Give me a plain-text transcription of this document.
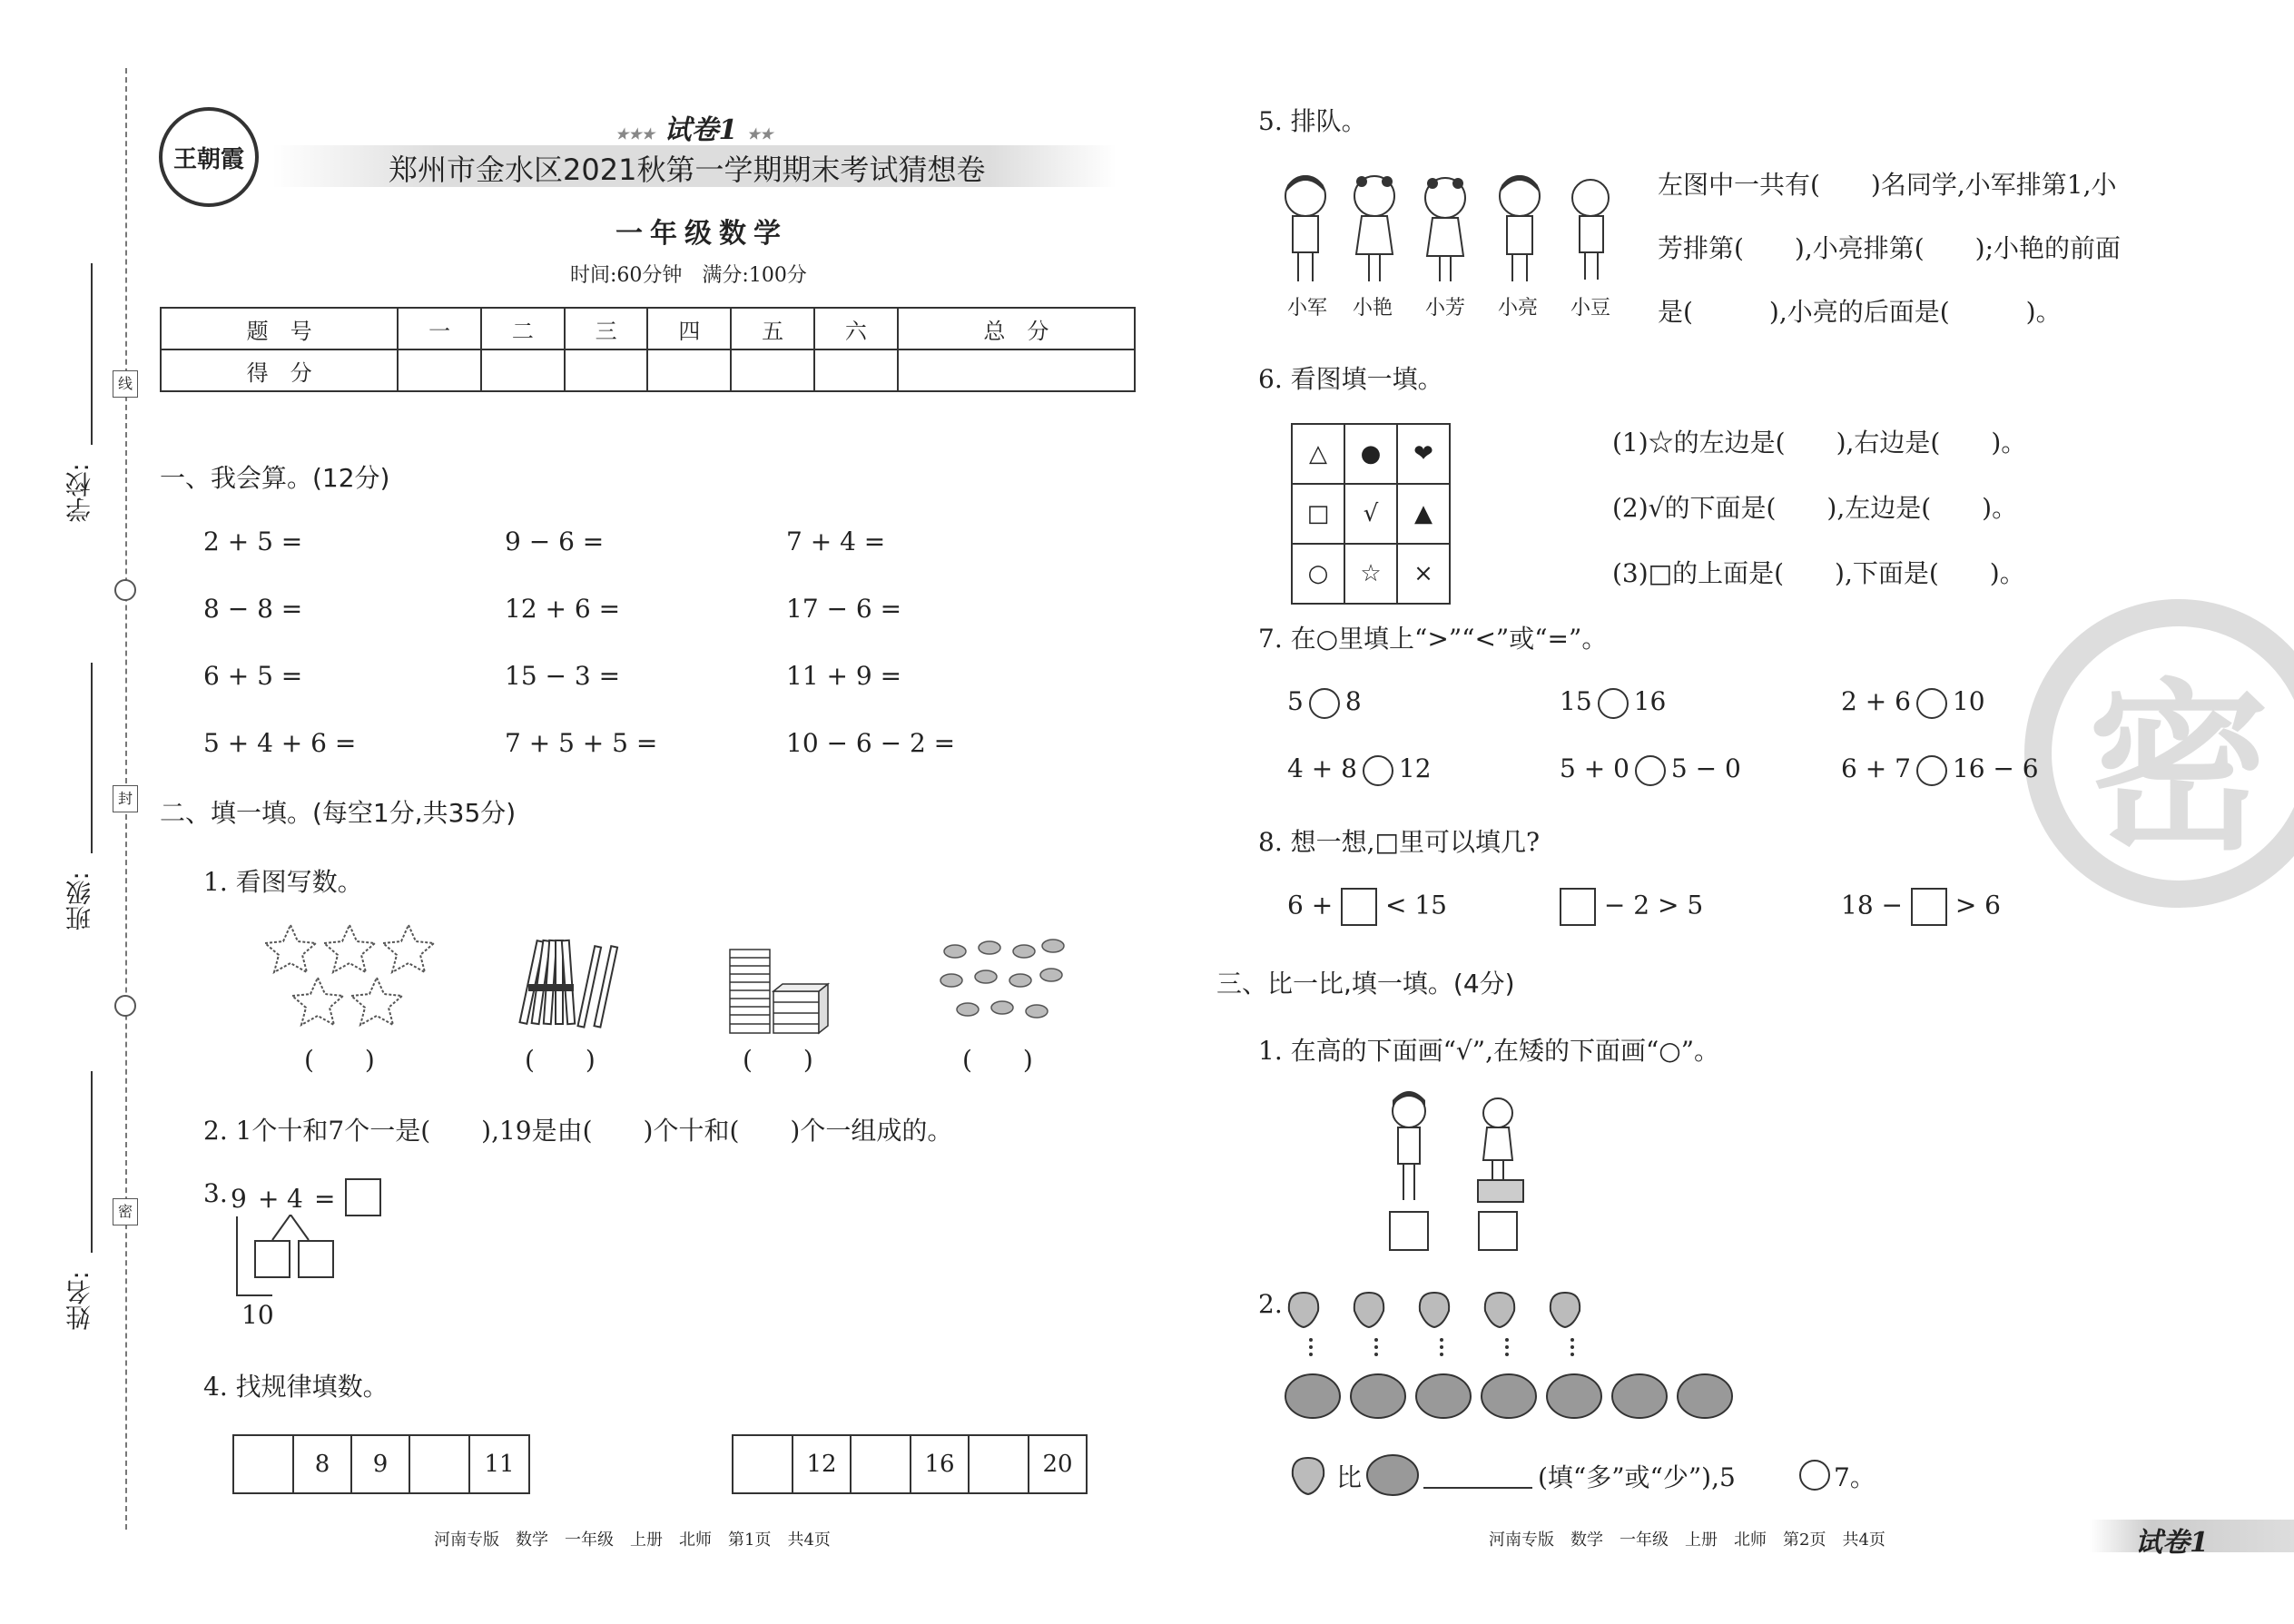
学校:
班级:
姓名:
线
封
密
王朝霞
★★★ 试卷1 ★★
郑州市金水区2021秋第一学期期末考试猜想卷
一年级数学
时间:60分钟　满分:100分
题　号	一	二	三	四	五	六	总　分
得　分							
一、我会算。(12分)
2 + 5 =	9 − 6 =	7 + 4 =
8 − 8 =	12 + 6 =	17 − 6 =
6 + 5 =	15 − 3 =	11 + 9 =
5 + 4 + 6 =	7 + 5 + 5 =	10 − 6 − 2 =
二、填一填。(每空1分,共35分)
1. 看图写数。
(　　)	(　　)	(　　)	(　　)
2. 1个十和7个一是(　　),19是由(　　)个十和(　　)个一组成的。
3. 9 + 4 =
10
4. 找规律填数。
	8	9		11
		12		16		20
河南专版　数学　一年级　上册　北师　第1页　共4页
5. 排队。
小军 小艳 小芳 小亮 小豆
左图中一共有(　　)名同学,小军排第1,小
芳排第(　　),小亮排第(　　);小艳的前面
是(　　　),小亮的后面是(　　　)。
6. 看图填一填。
△	●	❤
□	√	▲
○	☆	×
(1)☆的左边是(　　),右边是(　　)。
(2)√的下面是(　　),左边是(　　)。
(3)□的上面是(　　),下面是(　　)。
密
7. 在○里填上“>”“<”或“=”。
5 8	15 16	2 + 6 10
4 + 8 12	5 + 0 5 − 0	6 + 7 16 − 6
8. 想一想,□里可以填几?
6 + < 15	− 2 > 5	18 − > 6
三、比一比,填一填。(4分)
1. 在高的下面画“√”,在矮的下面画“○”。
2.
比	(填“多”或“少”),5	7。
河南专版　数学　一年级　上册　北师　第2页　共4页	试卷1
